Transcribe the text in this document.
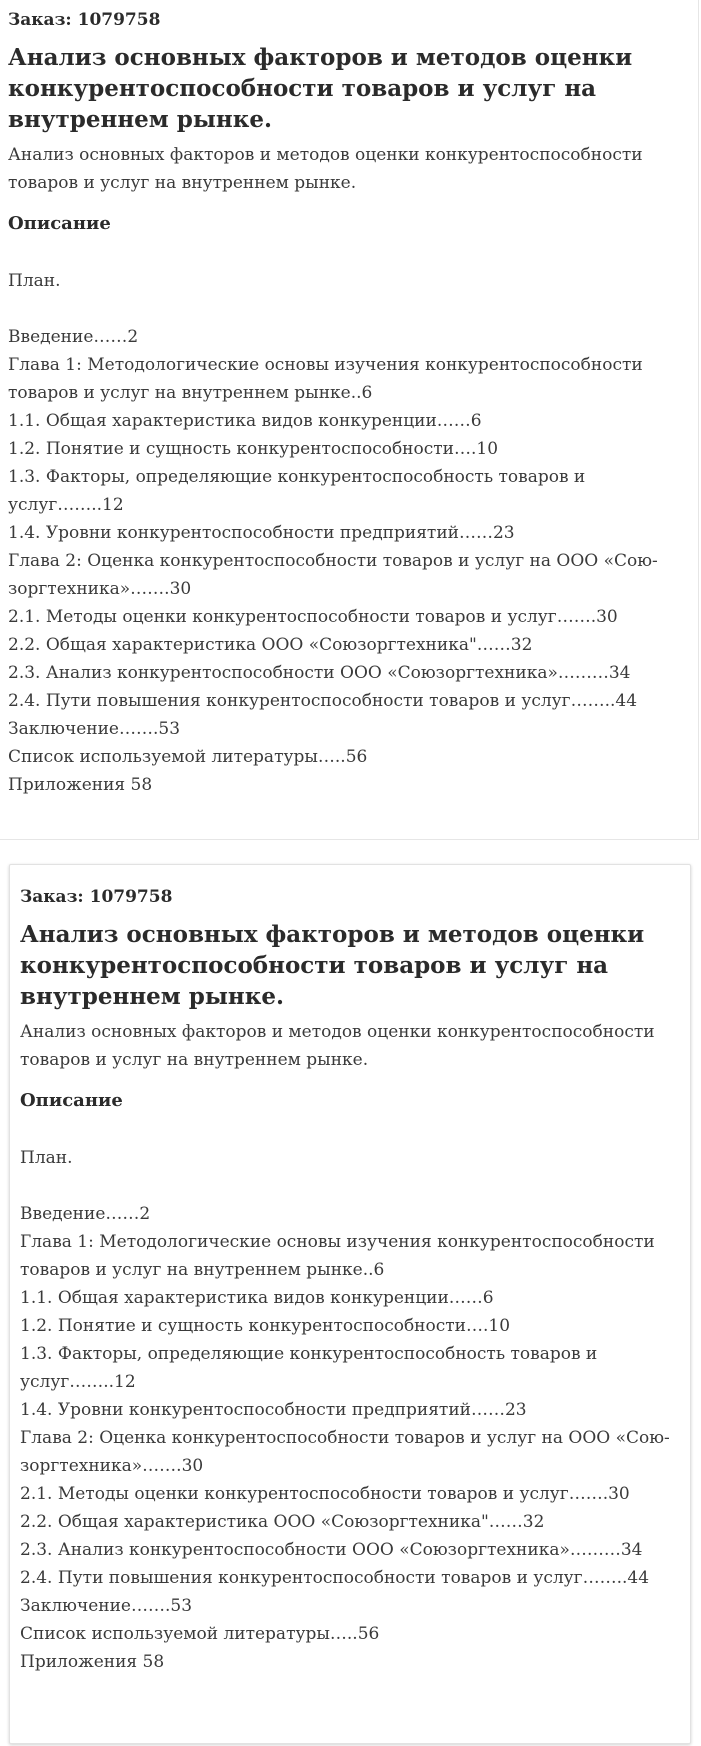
Заказ: 1079758
Анализ основных факторов и методов оценки конкурентоспособности товаров и услуг на внутреннем рынке.
Анализ основных факторов и методов оценки конкурентоспособности товаров и услуг на внутреннем рынке.
Описание
План.
Введение……2
Глава 1: Методологические основы изучения конкурентоспособности товаров и услуг на внутреннем рынке..6
1.1. Общая характеристика видов конкуренции……6
1.2. Понятие и сущность конкурентоспособности….10
1.3. Факторы, определяющие конкурентоспособность товаров и услуг……..12
1.4. Уровни конкурентоспособности предприятий……23
Глава 2: Оценка конкурентоспособности товаров и услуг на ООО «Сою-зоргтехника»…….30
2.1. Методы оценки конкурентоспособности товаров и услуг…….30
2.2. Общая характеристика ООО «Союзоргтехника"……32
2.3. Анализ конкурентоспособности ООО «Союзоргтехника»………34
2.4. Пути повышения конкурентоспособности товаров и услуг……..44
Заключение…….53
Список используемой литературы…..56
Приложения 58
Заказ: 1079758
Анализ основных факторов и методов оценки конкурентоспособности товаров и услуг на внутреннем рынке.
Анализ основных факторов и методов оценки конкурентоспособности товаров и услуг на внутреннем рынке.
Описание
План.
Введение……2
Глава 1: Методологические основы изучения конкурентоспособности товаров и услуг на внутреннем рынке..6
1.1. Общая характеристика видов конкуренции……6
1.2. Понятие и сущность конкурентоспособности….10
1.3. Факторы, определяющие конкурентоспособность товаров и услуг……..12
1.4. Уровни конкурентоспособности предприятий……23
Глава 2: Оценка конкурентоспособности товаров и услуг на ООО «Сою-зоргтехника»…….30
2.1. Методы оценки конкурентоспособности товаров и услуг…….30
2.2. Общая характеристика ООО «Союзоргтехника"……32
2.3. Анализ конкурентоспособности ООО «Союзоргтехника»………34
2.4. Пути повышения конкурентоспособности товаров и услуг……..44
Заключение…….53
Список используемой литературы…..56
Приложения 58
